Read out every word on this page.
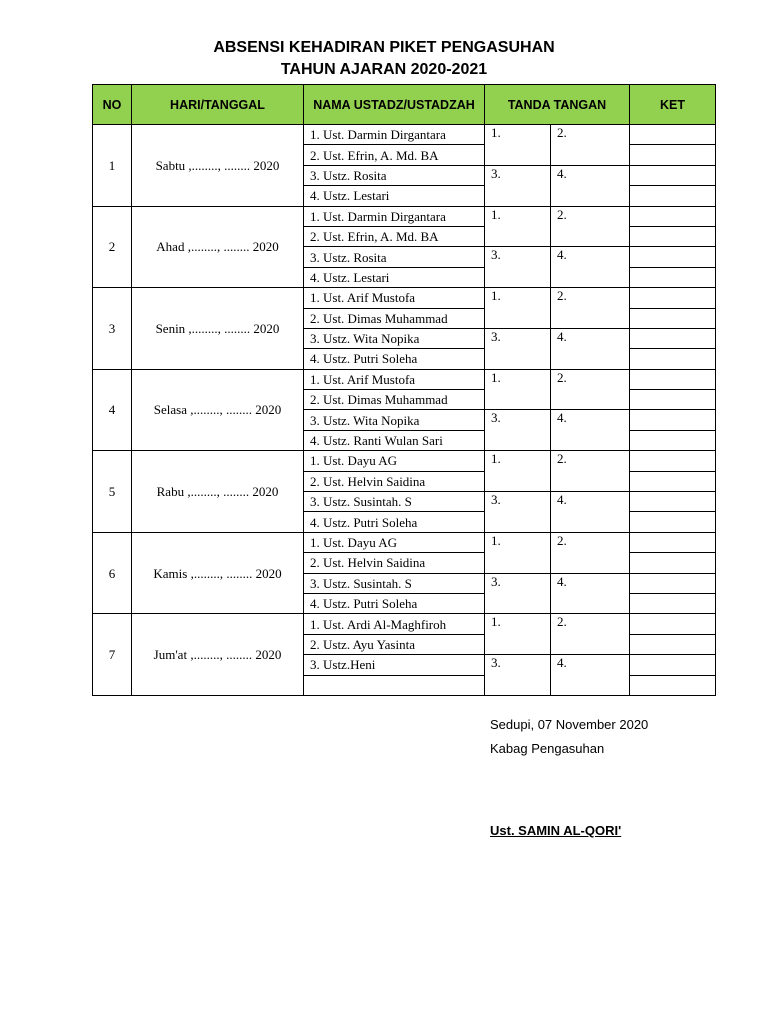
ABSENSI KEHADIRAN PIKET PENGASUHAN
TAHUN AJARAN 2020-2021
NO	HARI/TANGGAL	NAMA USTADZ/USTADZAH	TANDA TANGAN		KET
1	Sabtu ,........, ........ 2020	1. Ust. Darmin Dirgantara	1.	2.	
		2. Ust. Efrin, A. Md. BA			
		3. Ustz. Rosita	3.	4.	
		4. Ustz. Lestari			
2	Ahad ,........, ........ 2020	1. Ust. Darmin Dirgantara	1.	2.	
		2. Ust. Efrin, A. Md. BA			
		3. Ustz. Rosita	3.	4.	
		4. Ustz. Lestari			
3	Senin ,........, ........ 2020	1. Ust. Arif Mustofa	1.	2.	
		2. Ust. Dimas Muhammad			
		3. Ustz. Wita Nopika	3.	4.	
		4. Ustz. Putri Soleha			
4	Selasa ,........, ........ 2020	1. Ust. Arif Mustofa	1.	2.	
		2. Ust. Dimas Muhammad			
		3. Ustz. Wita Nopika	3.	4.	
		4. Ustz. Ranti Wulan Sari			
5	Rabu ,........, ........ 2020	1. Ust. Dayu AG	1.	2.	
		2. Ust. Helvin Saidina			
		3. Ustz. Susintah. S	3.	4.	
		4. Ustz. Putri Soleha			
6	Kamis ,........, ........ 2020	1. Ust. Dayu AG	1.	2.	
		2. Ust. Helvin Saidina			
		3. Ustz. Susintah. S	3.	4.	
		4. Ustz. Putri Soleha			
7	Jum'at ,........, ........ 2020	1. Ust. Ardi Al-Maghfiroh	1.	2.	
		2. Ustz. Ayu Yasinta			
		3. Ustz.Heni	3.	4.	

Sedupi, 07 November 2020
Kabag Pengasuhan
Ust. SAMIN AL-QORI'
